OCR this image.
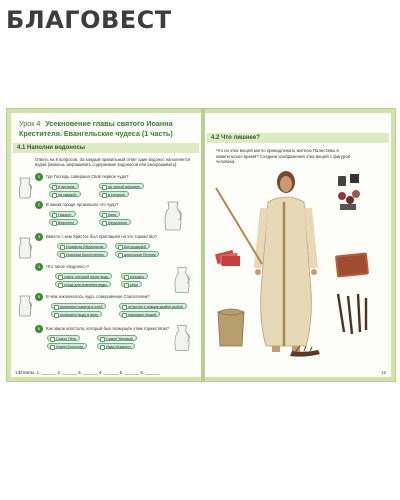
БЛАГОВЕСТ
Урок 4 Усекновение главы святого Иоанна Крестителя. Евангельские чудеса (1 часть)
4.1 Наполни водоносы
Ответь на 8 вопросов. За каждый правильный ответ один водонос наполняется водой (можешь закрашивать содержимое водоносов или раскрашивать).
1 Где Господь совершил Своё первое чудо?
в пустыне	на горной вершине
на свадьбе	в синагоге
2 В каком городе произошло это чудо?
Назарет	Кана
Вифлеем	Иерусалим
3 Вместе с кем Христос был приглашён на это торжество?
Иосифом Обручником	Богородицей
Иоанном Крестителем	апостолом Петром
4 Что такое «водонос»?
сорта, который носят воду	колодец
сосуд для хранения воды	река
5 В чём заключалось чудо, совершённое Спасителем?
превратил камень в хлеб	отпустил с ловцов крайне рыбой
превратил воду в вино	накормил людей
6 Как звали апостола, который был возмущён этим торжеством?
Симон Пётр	Симон Уиновый
Иоанн Богослов	Иуда Искариот
Ответы: 1. ______ 2. ______ 3. ______ 4. ______ 5. ______ 6. ______
14
4.2 Что лишнее?
15
Что из этих вещей могло принадлежать жителю Палестины в евангельское время? Соедини изображения этих вещей с фигурой человека.
